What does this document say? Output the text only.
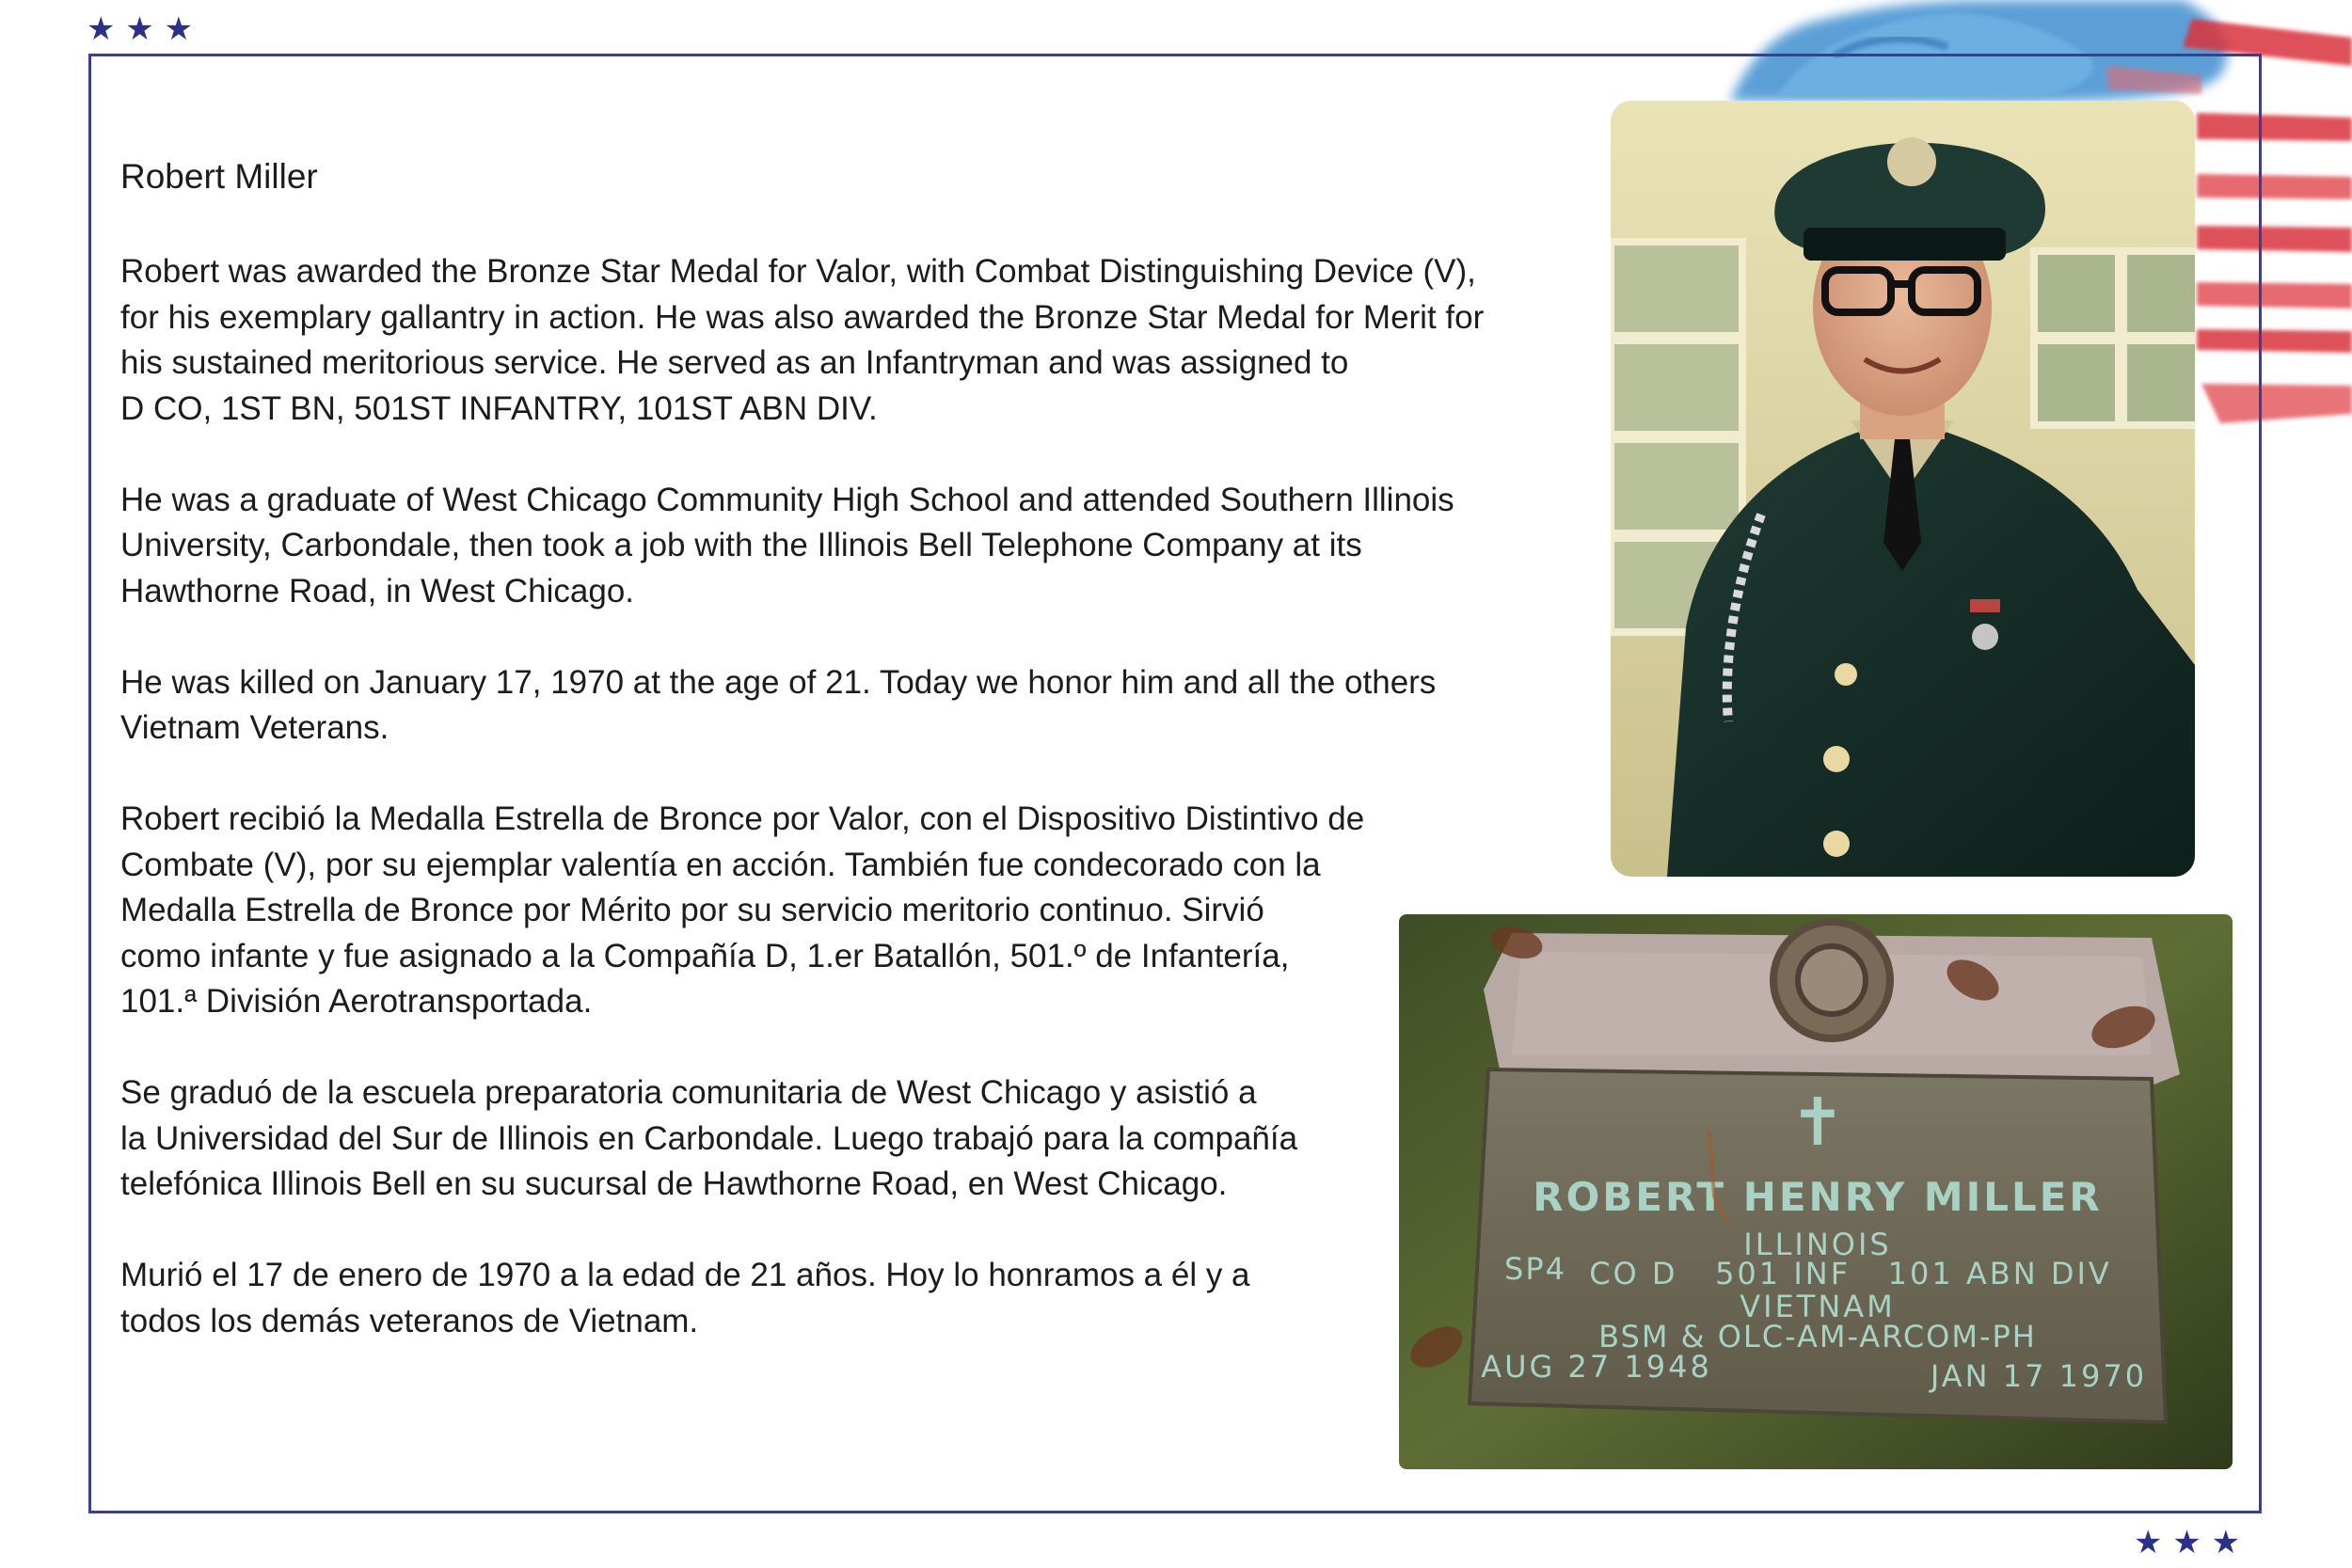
★ ★ ★
Robert Miller

Robert was awarded the Bronze Star Medal for Valor, with Combat Distinguishing Device (V),
for his exemplary gallantry in action. He was also awarded the Bronze Star Medal for Merit for
his sustained meritorious service. He served as an Infantryman and was assigned to
D CO, 1ST BN, 501ST INFANTRY, 101ST ABN DIV.

He was a graduate of West Chicago Community High School and attended Southern Illinois
University, Carbondale, then took a job with the Illinois Bell Telephone Company at its
Hawthorne Road, in West Chicago.

He was killed on January 17, 1970 at the age of 21. Today we honor him and all the others
Vietnam Veterans.

Robert recibió la Medalla Estrella de Bronce por Valor, con el Dispositivo Distintivo de
Combate (V), por su ejemplar valentía en acción. También fue condecorado con la
Medalla Estrella de Bronce por Mérito por su servicio meritorio continuo. Sirvió
como infante y fue asignado a la Compañía D, 1.er Batallón, 501.º de Infantería,
101.ª División Aerotransportada.

Se graduó de la escuela preparatoria comunitaria de West Chicago y asistió a
la Universidad del Sur de Illinois en Carbondale. Luego trabajó para la compañía
telefónica Illinois Bell en su sucursal de Hawthorne Road, en West Chicago.

Murió el 17 de enero de 1970 a la edad de 21 años. Hoy lo honramos a él y a
todos los demás veteranos de Vietnam.

✝
ROBERT HENRY MILLER
ILLINOIS
SP4 CO D   501 INF   101 ABN DIV
VIETNAM
BSM & OLC-AM-ARCOM-PH
AUG 27 1948	JAN 17 1970
★ ★ ★
